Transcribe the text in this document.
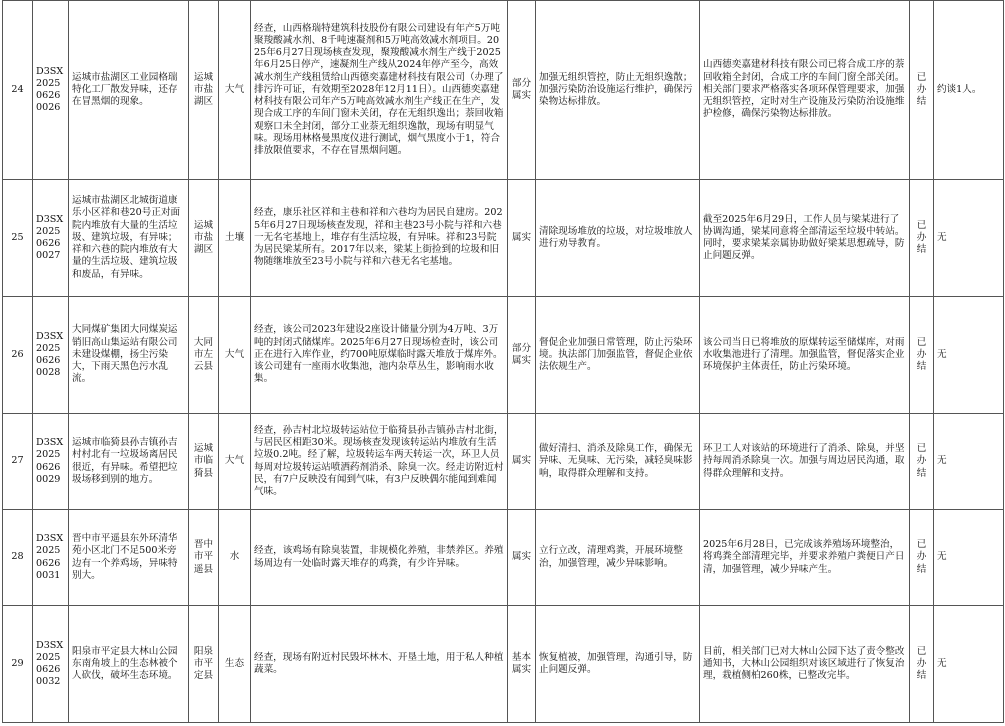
24	D3SX202506260026	运城市盐湖区工业园格瑞特化工厂散发异味，还存在冒黑烟的现象。	运城市盐湖区	大气	经查，山西格瑞特建筑科技股份有限公司建设有年产5万吨聚羧酸减水剂、8千吨速凝剂和5万吨高效减水剂项目。2025年6月27日现场核查发现，聚羧酸减水剂生产线于2025年6月25日停产，速凝剂生产线从2024年停产至今，高效减水剂生产线租赁给山西德奕嘉建材科技有限公司（办理了排污许可证，有效期至2028年12月11日）。山西德奕嘉建材科技有限公司年产5万吨高效减水剂生产线正在生产，发现合成工序的车间门窗未关闭，存在无组织逸出；萘回收箱观察口未全封闭，部分工业萘无组织逸散，现场有明显气味。现场用林格曼黑度仪进行测试，烟气黑度小于1，符合排放限值要求，不存在冒黑烟问题。	部分属实	加强无组织管控，防止无组织逸散；加强污染防治设施运行维护，确保污染物达标排放。	山西德奕嘉建材科技有限公司已将合成工序的萘回收箱全封闭，合成工序的车间门窗全部关闭。相关部门要求严格落实各项环保管理要求，加强无组织管控，定时对生产设施及污染防治设施维护检修，确保污染物达标排放。	已办结	约谈1人。
25	D3SX202506260027	运城市盐湖区北城街道康乐小区祥和巷20号正对面院内堆放有大量的生活垃圾、建筑垃圾，有异味；祥和六巷的院内堆放有大量的生活垃圾、建筑垃圾和废品，有异味。	运城市盐湖区	土壤	经查，康乐社区祥和主巷和祥和六巷均为居民自建房。2025年6月27日现场核查发现，祥和主巷23号小院与祥和六巷一无名宅基地上，堆存有生活垃圾，有异味。祥和23号院为居民梁某所有。2017年以来，梁某上街捡到的垃圾和旧物随继堆放至23号小院与祥和六巷无名宅基地。	属实	清除现场堆放的垃圾，对垃圾堆放人进行劝导教育。	截至2025年6月29日，工作人员与梁某进行了协调沟通，梁某同意将全部清运至垃圾中转站。同时，要求梁某亲属协助做好梁某思想疏导，防止问题反弹。	已办结	无
26	D3SX202506260028	大同煤矿集团大同煤炭运销旧高山集运站有限公司未建设煤棚，扬尘污染大，下雨天黑色污水乱流。	大同市左云县	大气	经查，该公司2023年建设2座设计储量分别为4万吨、3万吨的封闭式储煤库。2025年6月27日现场检查时，该公司正在进行入库作业，约700吨原煤临时露天堆放于煤库外。该公司建有一座雨水收集池，池内杂草丛生，影响雨水收集。	部分属实	督促企业加强日常管理，防止污染环境。执法部门加强监管，督促企业依法依规生产。	该公司当日已将堆放的原煤转运至储煤库，对雨水收集池进行了清理。加强监管，督促落实企业环境保护主体责任，防止污染环境。	已办结	无
27	D3SX202506260029	运城市临猗县孙吉镇孙吉村村北有一垃圾场离居民很近，有异味。希望把垃圾场移到别的地方。	运城市临猗县	大气	经查，孙吉村北垃圾转运站位于临猗县孙吉镇孙吉村北街，与居民区相距30米。现场核查发现该转运站内堆放有生活垃圾0.2吨。经了解，垃圾转运车两天转运一次，环卫人员每周对垃圾转运站喷洒药剂消杀、除臭一次。经走访附近村民，有7户反映没有闻到气味，有3户反映偶尔能闻到难闻气味。	属实	做好清扫、消杀及除臭工作，确保无异味、无臭味、无污染，减轻臭味影响，取得群众理解和支持。	环卫工人对该站的环境进行了消杀、除臭，并坚持每周消杀除臭一次。加强与周边居民沟通，取得群众理解和支持。	已办结	无
28	D3SX202506260031	晋中市平遥县东外环清华苑小区北门不足500米旁边有一个养鸡场，异味特别大。	晋中市平遥县	水	经查，该鸡场有除臭装置，非规模化养殖，非禁养区。养殖场周边有一处临时露天堆存的鸡粪，有少许异味。	属实	立行立改，清理鸡粪，开展环境整治，加强管理，减少异味影响。	2025年6月28日，已完成该养殖场环境整治，将鸡粪全部清理完毕，并要求养殖户粪便日产日清，加强管理，减少异味产生。	已办结	无
29	D3SX202506260032	阳泉市平定县大林山公园东南角坡上的生态林被个人砍伐，破坏生态环境。	阳泉市平定县	生态	经查，现场有附近村民毁坏林木、开垦土地，用于私人种植蔬菜。	基本属实	恢复植被，加强管理，沟通引导，防止问题反弹。	目前，相关部门已对大林山公园下达了责令整改通知书，大林山公园组织对该区域进行了恢复治理，栽植侧柏260株，已整改完毕。	已办结	无
